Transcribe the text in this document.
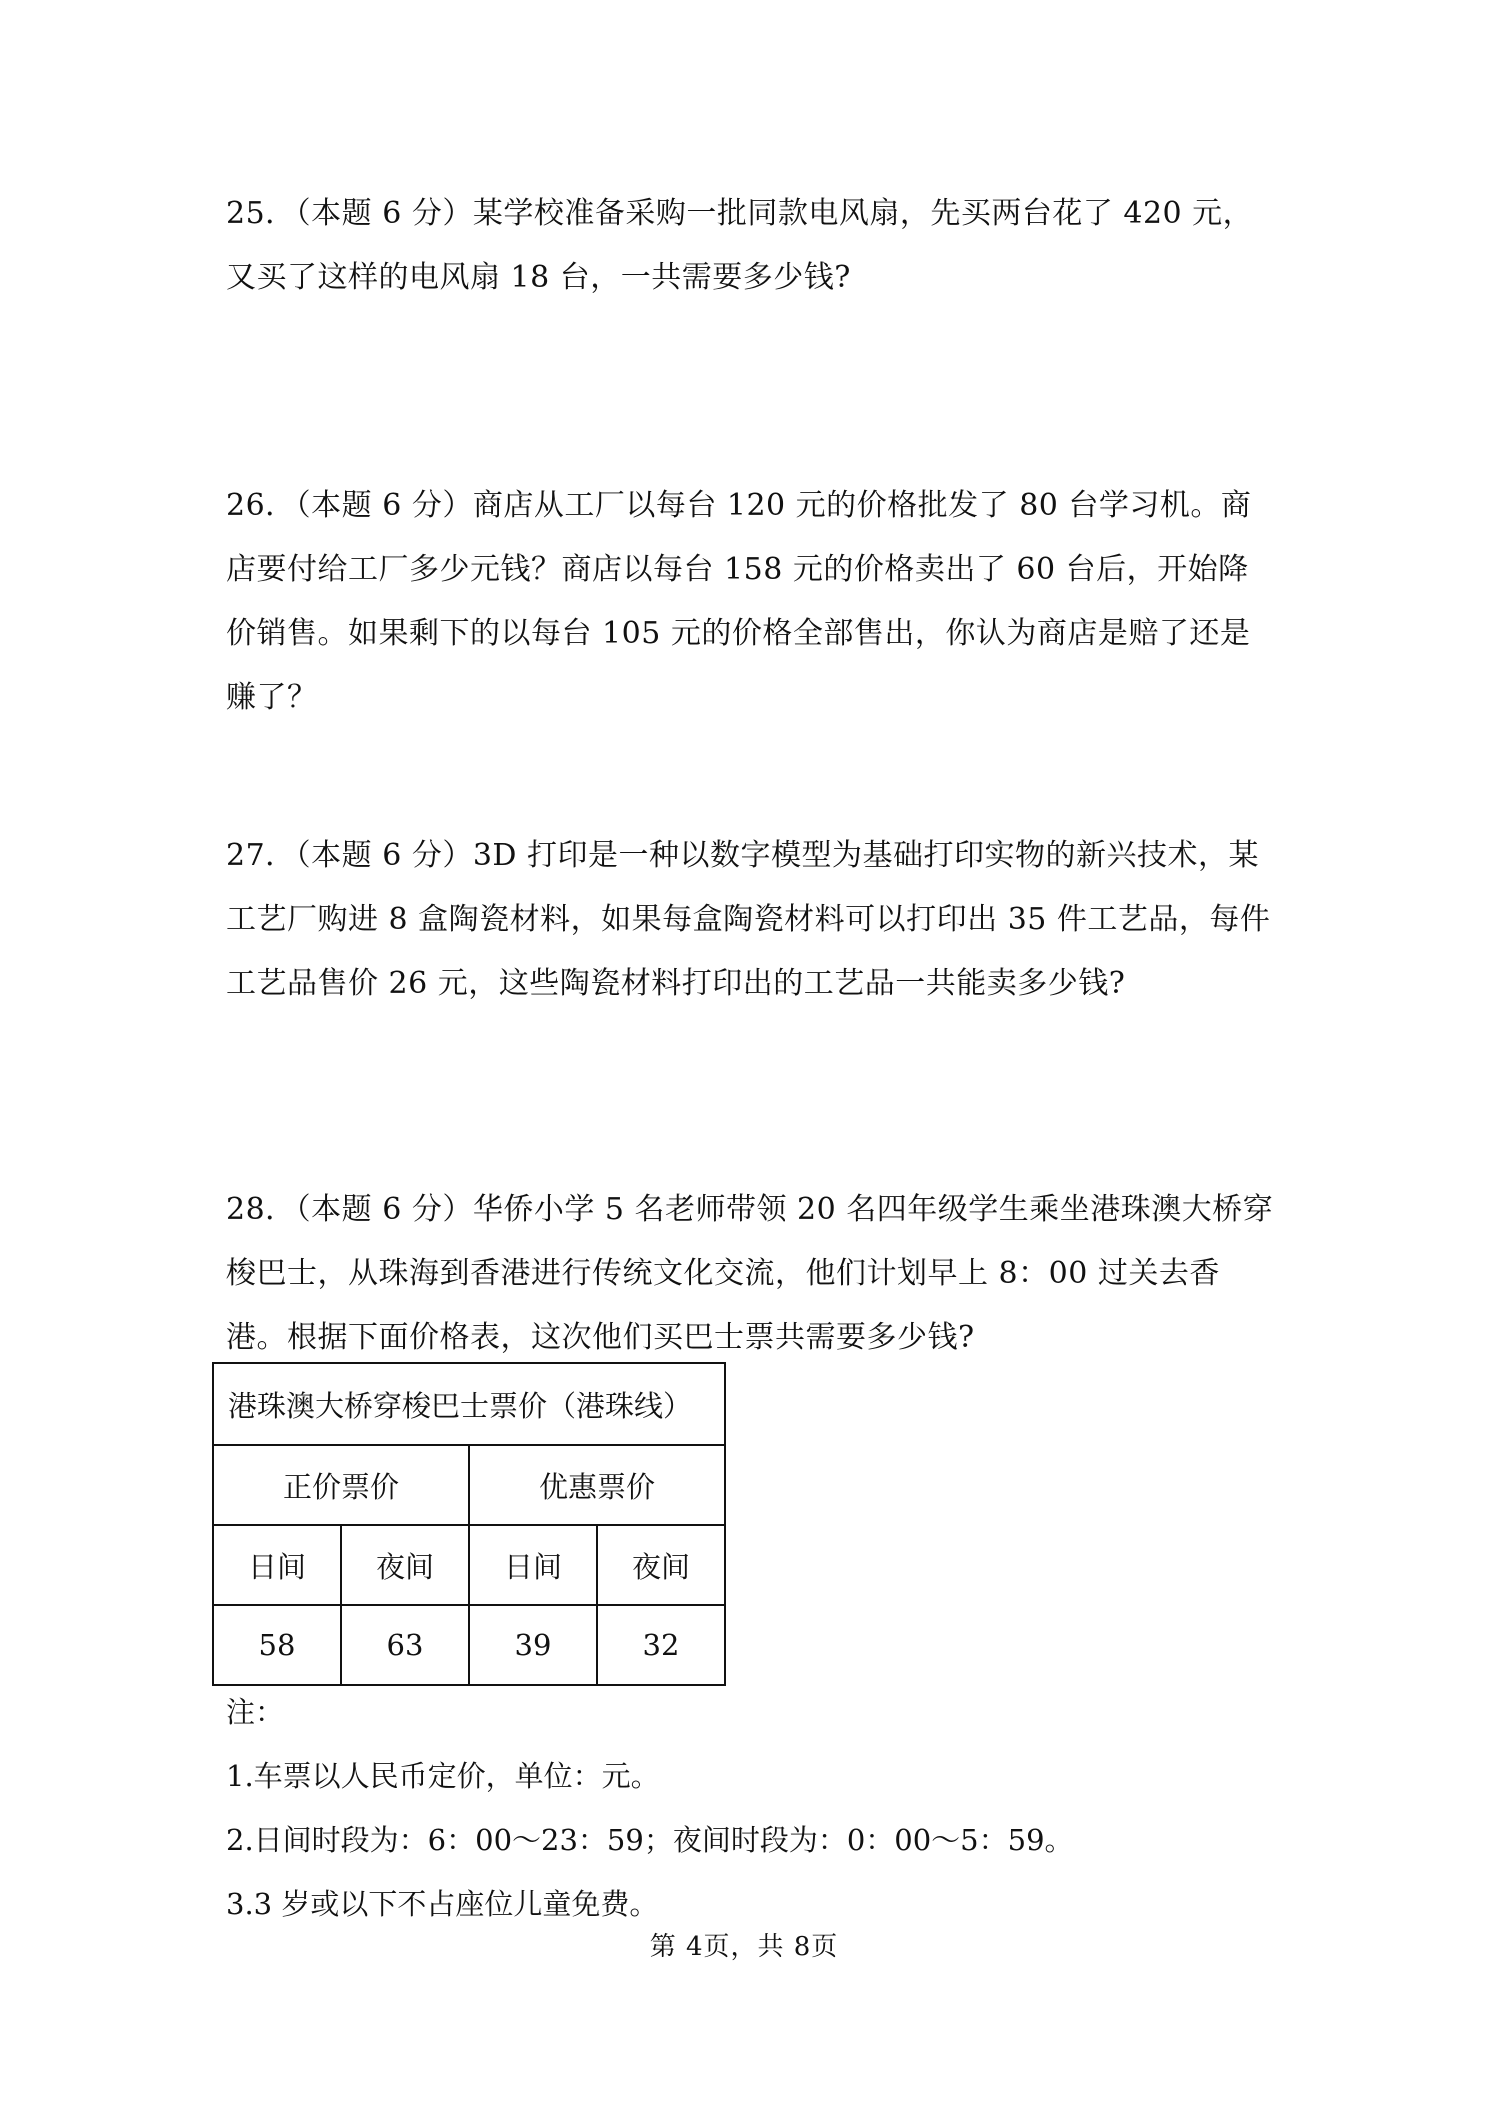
25．（本题 6 分）某学校准备采购一批同款电风扇，先买两台花了 420 元，又买了这样的电风扇 18 台，一共需要多少钱?

26．（本题 6 分）商店从工厂以每台 120 元的价格批发了 80 台学习机。商店要付给工厂多少元钱？商店以每台 158 元的价格卖出了 60 台后，开始降价销售。如果剩下的以每台 105 元的价格全部售出，你认为商店是赔了还是赚了？

27．（本题 6 分）3D 打印是一种以数字模型为基础打印实物的新兴技术，某工艺厂购进 8 盒陶瓷材料，如果每盒陶瓷材料可以打印出 35 件工艺品，每件工艺品售价 26 元，这些陶瓷材料打印出的工艺品一共能卖多少钱?

28．（本题 6 分）华侨小学 5 名老师带领 20 名四年级学生乘坐港珠澳大桥穿梭巴士，从珠海到香港进行传统文化交流，他们计划早上 8：00 过关去香港。根据下面价格表，这次他们买巴士票共需要多少钱?

港珠澳大桥穿梭巴士票价（港珠线）			
正价票价		优惠票价	
日间	夜间	日间	夜间
58	63	39	32
注：
1.车票以人民币定价，单位：元。
2.日间时段为：6：00～23：59；夜间时段为：0：00～5：59。
3.3 岁或以下不占座位儿童免费。
第 4页，共 8页
